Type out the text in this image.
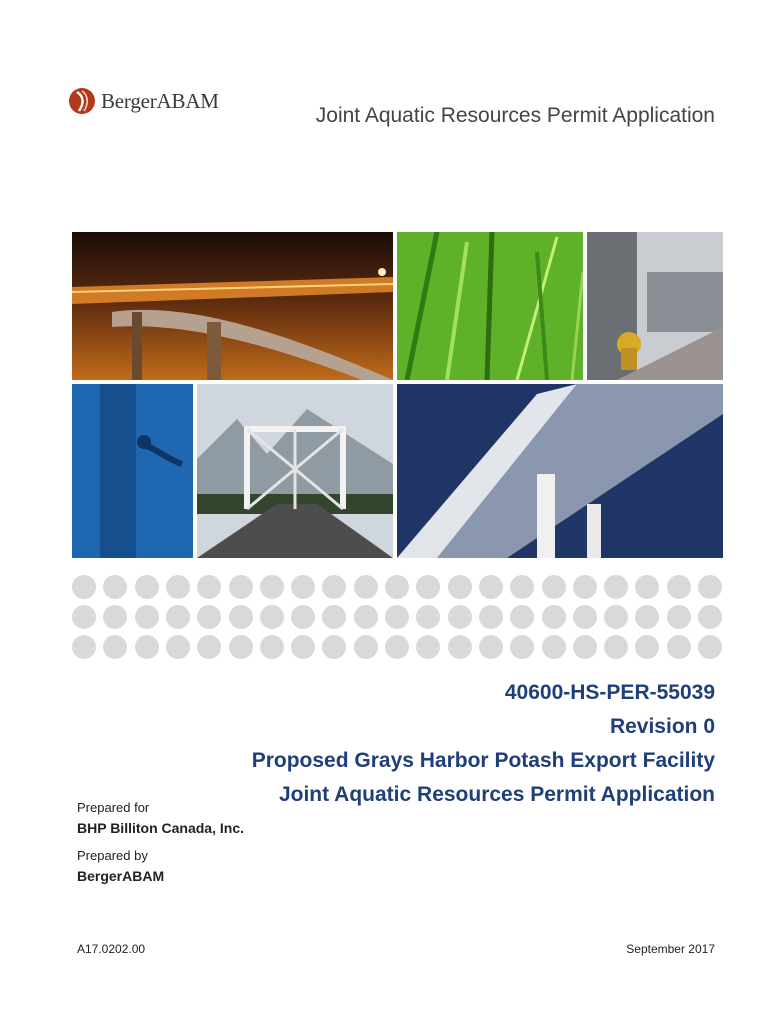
BergerABAM
Joint Aquatic Resources Permit Application
40600-HS-PER-55039
Revision 0
Proposed Grays Harbor Potash Export Facility
Joint Aquatic Resources Permit Application
Prepared for
BHP Billiton Canada, Inc.
Prepared by
BergerABAM
A17.0202.00	September 2017
